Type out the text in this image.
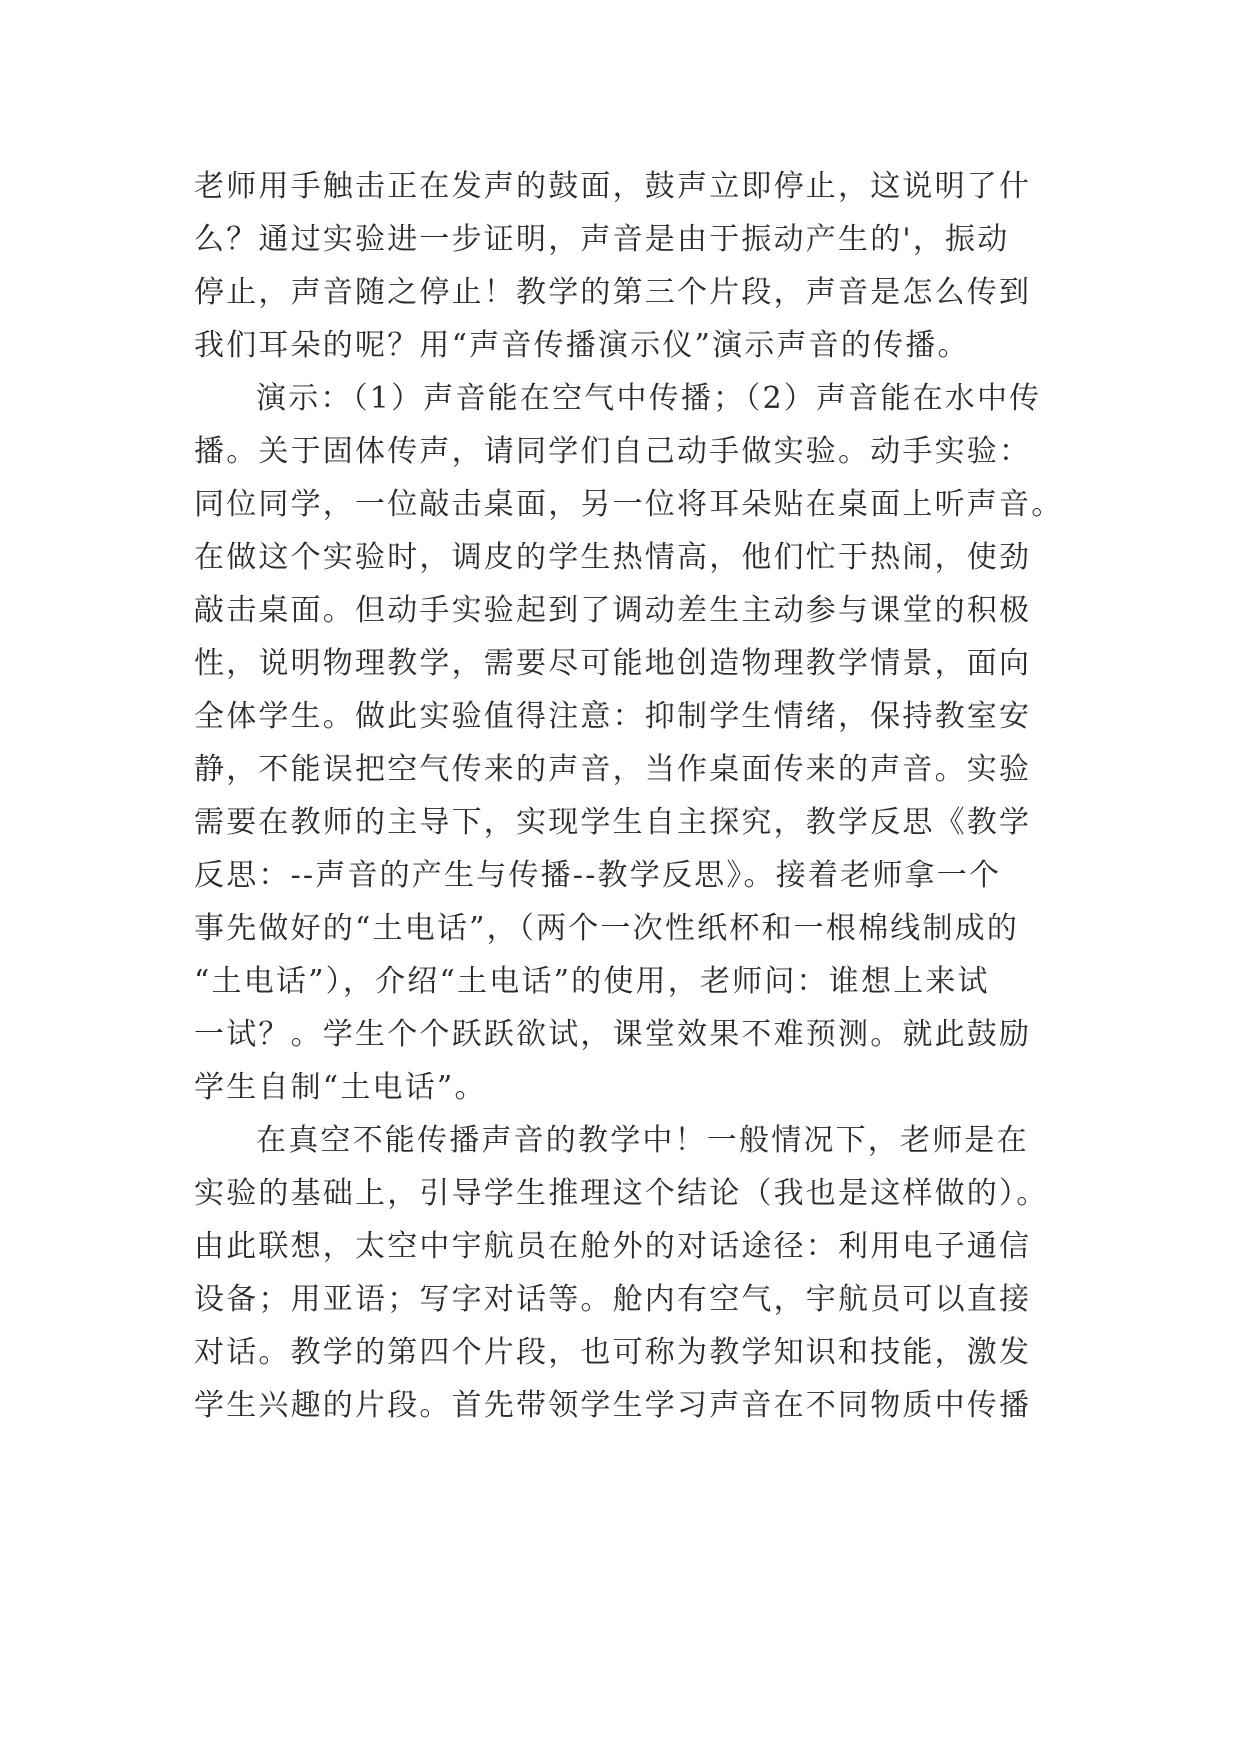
老师用手触击正在发声的鼓面，鼓声立即停止，这说明了什
么？通过实验进一步证明，声音是由于振动产生的'，振动
停止，声音随之停止！教学的第三个片段，声音是怎么传到
我们耳朵的呢？用“声音传播演示仪”演示声音的传播。
演示：（1）声音能在空气中传播；（2）声音能在水中传
播。关于固体传声，请同学们自己动手做实验。动手实验：
同位同学，一位敲击桌面，另一位将耳朵贴在桌面上听声音。
在做这个实验时，调皮的学生热情高，他们忙于热闹，使劲
敲击桌面。但动手实验起到了调动差生主动参与课堂的积极
性，说明物理教学，需要尽可能地创造物理教学情景，面向
全体学生。做此实验值得注意：抑制学生情绪，保持教室安
静，不能误把空气传来的声音，当作桌面传来的声音。实验
需要在教师的主导下，实现学生自主探究，教学反思《教学
反思：--声音的产生与传播--教学反思》。接着老师拿一个
事先做好的“土电话”，（两个一次性纸杯和一根棉线制成的
“土电话”），介绍“土电话”的使用，老师问：谁想上来试
一试？。学生个个跃跃欲试，课堂效果不难预测。就此鼓励
学生自制“土电话”。
在真空不能传播声音的教学中！一般情况下，老师是在
实验的基础上，引导学生推理这个结论（我也是这样做的）。
由此联想，太空中宇航员在舱外的对话途径：利用电子通信
设备；用亚语；写字对话等。舱内有空气，宇航员可以直接
对话。教学的第四个片段，也可称为教学知识和技能，激发
学生兴趣的片段。首先带领学生学习声音在不同物质中传播
